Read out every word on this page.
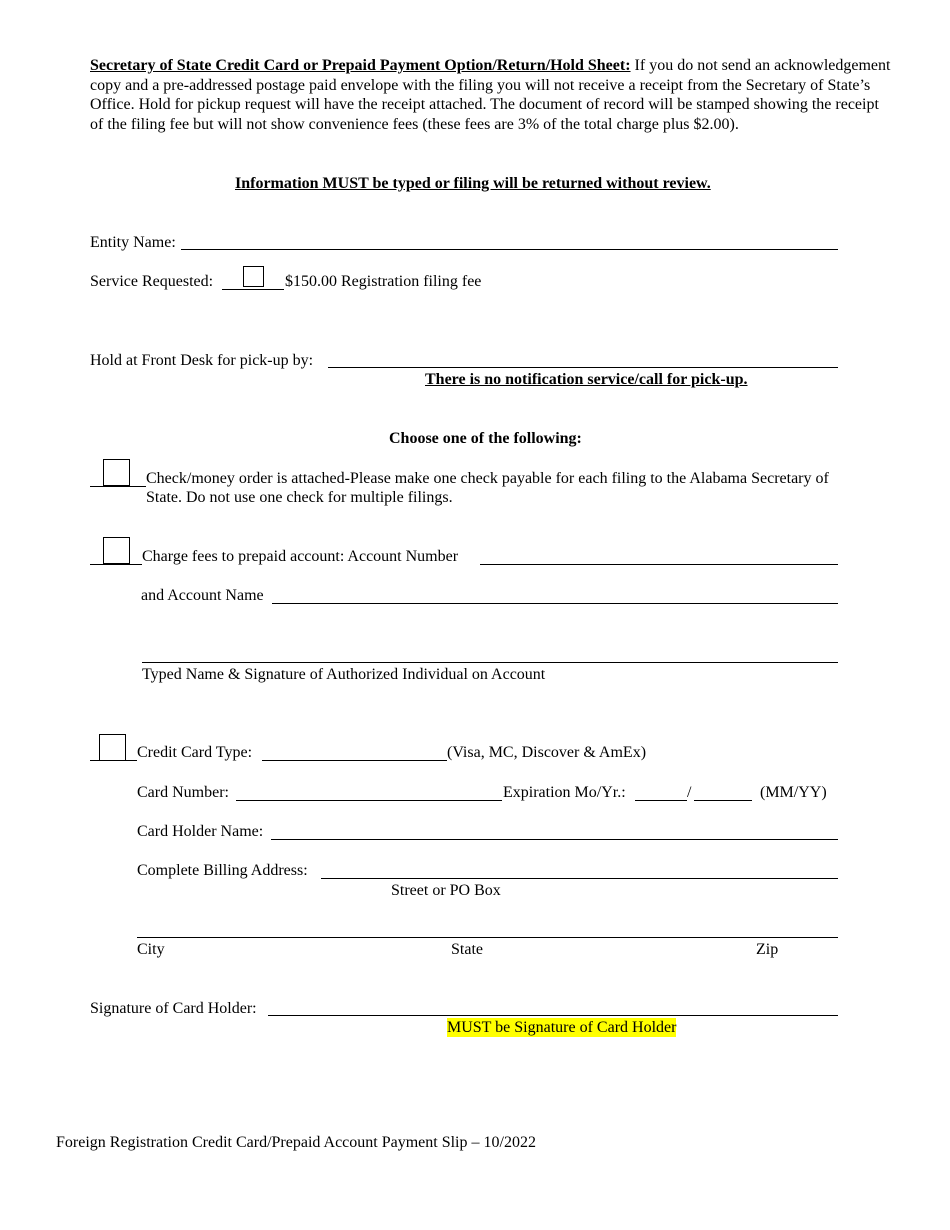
Secretary of State Credit Card or Prepaid Payment Option/Return/Hold Sheet: If you do not send an acknowledgement copy and a pre-addressed postage paid envelope with the filing you will not receive a receipt from the Secretary of State’s Office. Hold for pickup request will have the receipt attached. The document of record will be stamped showing the receipt of the filing fee but will not show convenience fees (these fees are 3% of the total charge plus $2.00).
Information MUST be typed or filing will be returned without review.
Entity Name:
Service Requested:	$150.00 Registration filing fee
Hold at Front Desk for pick-up by:
There is no notification service/call for pick-up.
Choose one of the following:
Check/money order is attached-Please make one check payable for each filing to the Alabama Secretary of
State. Do not use one check for multiple filings.
Charge fees to prepaid account: Account Number
and Account Name
Typed Name & Signature of Authorized Individual on Account
Credit Card Type:	(Visa, MC, Discover & AmEx)
Card Number:	Expiration Mo/Yr.:	/	(MM/YY)
Card Holder Name:
Complete Billing Address:
Street or PO Box
City	State	Zip
Signature of Card Holder:
MUST be Signature of Card Holder
Foreign Registration Credit Card/Prepaid Account Payment Slip – 10/2022
